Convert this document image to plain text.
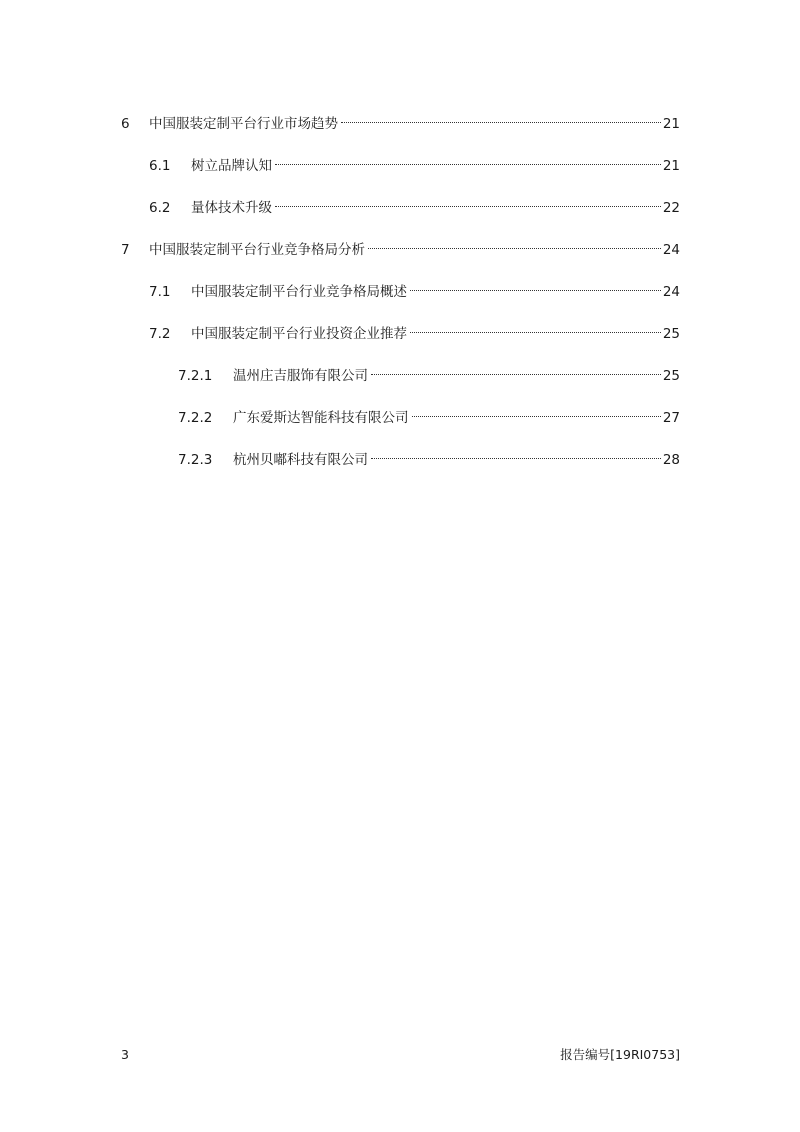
6	中国服装定制平台行业市场趋势	21
6.1	树立品牌认知	21
6.2	量体技术升级	22
7	中国服装定制平台行业竞争格局分析	24
7.1	中国服装定制平台行业竞争格局概述	24
7.2	中国服装定制平台行业投资企业推荐	25
7.2.1	温州庄吉服饰有限公司	25
7.2.2	广东爱斯达智能科技有限公司	27
7.2.3	杭州贝嘟科技有限公司	28
3	报告编号[19RI0753]
